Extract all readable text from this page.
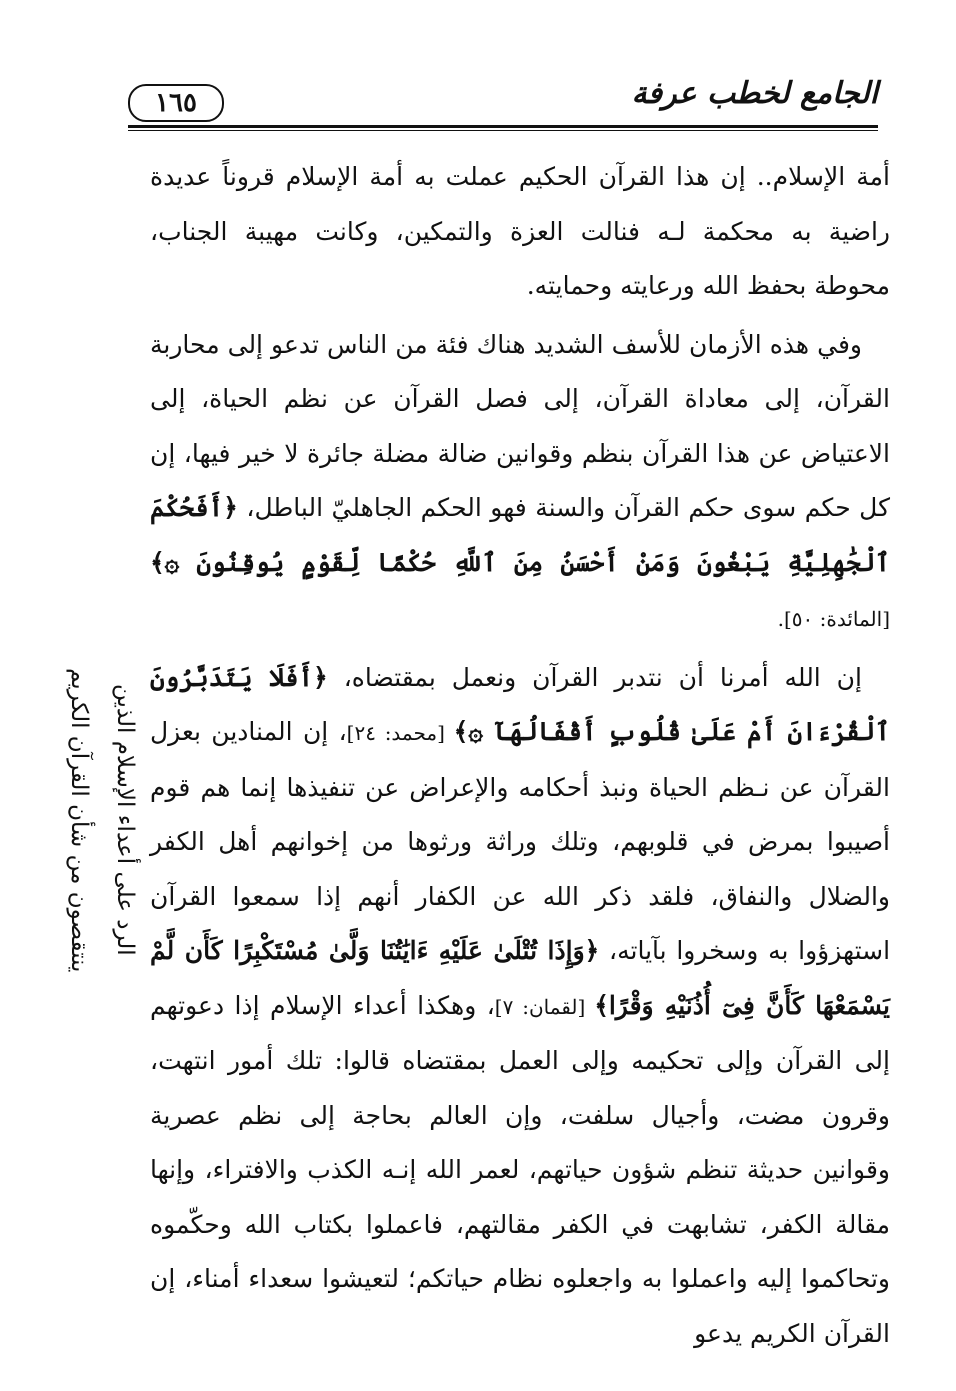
١٦٥	الجامع لخطب عرفة

أمة الإسلام.. إن هذا القرآن الحكيم عملت به أمة الإسلام قروناً عديدة راضية به محكمة لـه فنالت العزة والتمكين، وكانت مهيبة الجناب، محوطة بحفظ الله ورعايته وحمايته.

وفي هذه الأزمان للأسف الشديد هناك فئة من الناس تدعو إلى محاربة القرآن، إلى معاداة القرآن، إلى فصل القرآن عن نظم الحياة، إلى الاعتياض عن هذا القرآن بنظم وقوانين ضالة مضلة جائرة لا خير فيها، إن كل حكم سوى حكم القرآن والسنة فهو الحكم الجاهليّ الباطل، ﴿أَفَحُكْمَ ٱلْجَٰهِلِيَّةِ يَبْغُونَ وَمَنْ أَحْسَنُ مِنَ ٱللَّهِ حُكْمًا لِّقَوْمٍ يُوقِنُونَ ۞﴾ [المائدة: ٥٠].

إن الله أمرنا أن نتدبر القرآن ونعمل بمقتضاه، ﴿أَفَلَا يَتَدَبَّرُونَ ٱلْقُرْءَانَ أَمْ عَلَىٰ قُلُوبٍ أَقْفَالُهَآ ۞﴾ [محمد: ٢٤]، إن المنادين بعزل القرآن عن نـظم الحياة ونبذ أحكامه والإعراض عن تنفيذها إنما هم قوم أصيبوا بمرض في قلوبهم، وتلك وراثة ورثوها من إخوانهم أهل الكفر والضلال والنفاق، فلقد ذكر الله عن الكفار أنهم إذا سمعوا القرآن استهزؤوا به وسخروا بآياته، ﴿وَإِذَا تُتْلَىٰ عَلَيْهِ ءَايَٰتُنَا وَلَّىٰ مُسْتَكْبِرًا كَأَن لَّمْ يَسْمَعْهَا كَأَنَّ فِىٓ أُذُنَيْهِ وَقْرًا﴾ [لقمان: ٧]، وهكذا أعداء الإسلام إذا دعوتهم إلى القرآن وإلى تحكيمه وإلى العمل بمقتضاه قالوا: تلك أمور انتهت، وقرون مضت، وأجيال سلفت، وإن العالم بحاجة إلى نظم عصرية وقوانين حديثة تنظم شؤون حياتهم، لعمر الله إنـه الكذب والافتراء، وإنها مقالة الكفر، تشابهت في الكفر مقالتهم، فاعملوا بكتاب الله وحكّموه وتحاكموا إليه واعملوا به واجعلوه نظام حياتكم؛ لتعيشوا سعداء أمناء، إن القرآن الكريم يدعو

الرد على أعداء الإسلام الذين
ينتقصون من شأن القرآن الكريم
